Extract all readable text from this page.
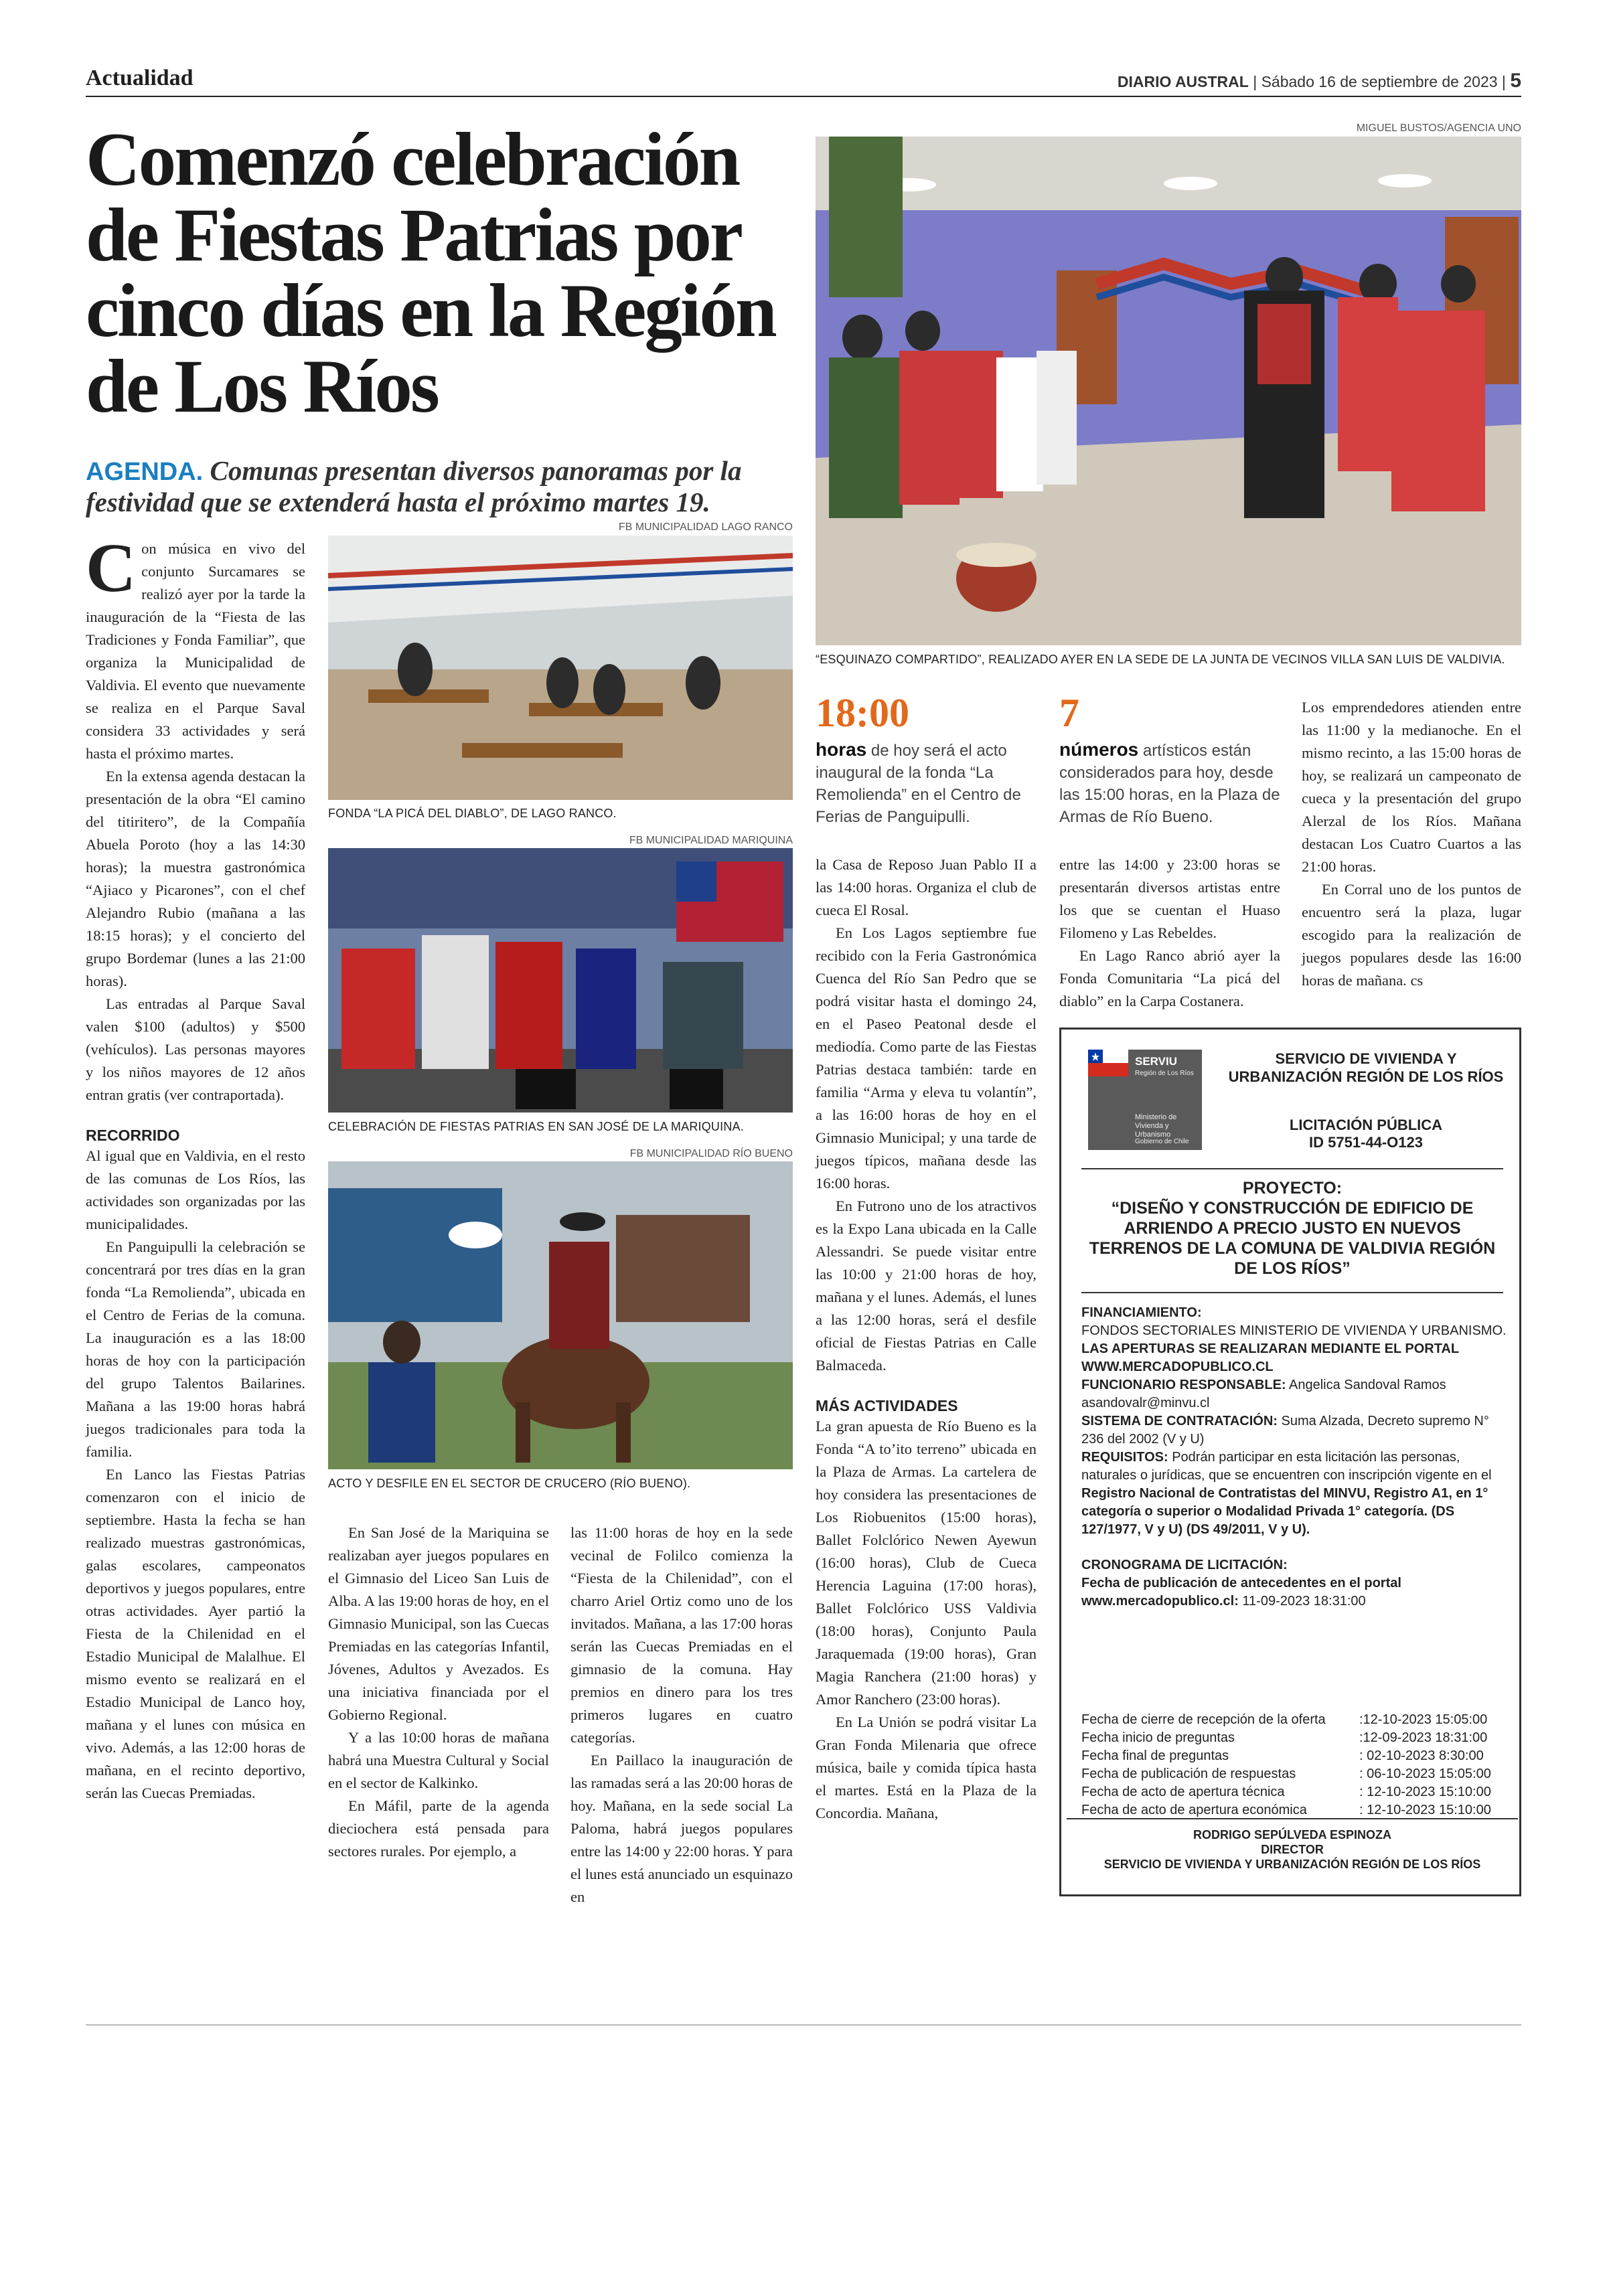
Actualidad	DIARIO AUSTRAL | Sábado 16 de septiembre de 2023 | 5
Comenzó celebración de Fiestas Patrias por cinco días en la Región de Los Ríos
AGENDA. Comunas presentan diversos panoramas por la festividad que se extenderá hasta el próximo martes 19.
MIGUEL BUSTOS/AGENCIA UNO
“ESQUINAZO COMPARTIDO”, REALIZADO AYER EN LA SEDE DE LA JUNTA DE VECINOS VILLA SAN LUIS DE VALDIVIA.

Con música en vivo del conjunto Surcamares se realizó ayer por la tarde la inauguración de la “Fiesta de las Tradiciones y Fonda Familiar”, que organiza la Municipalidad de Valdivia. El evento que nuevamente se realiza en el Parque Saval considera 33 actividades y será hasta el próximo martes.

En la extensa agenda destacan la presentación de la obra “El camino del titiritero”, de la Compañía Abuela Poroto (hoy a las 14:30 horas); la muestra gastronómica “Ajiaco y Picarones”, con el chef Alejandro Rubio (mañana a las 18:15 horas); y el concierto del grupo Bordemar (lunes a las 21:00 horas).

Las entradas al Parque Saval valen $100 (adultos) y $500 (vehículos). Las personas mayores y los niños mayores de 12 años entran gratis (ver contraportada).

RECORRIDO

Al igual que en Valdivia, en el resto de las comunas de Los Ríos, las actividades son organizadas por las municipalidades.

En Panguipulli la celebración se concentrará por tres días en la gran fonda “La Remolienda”, ubicada en el Centro de Ferias de la comuna. La inauguración es a las 18:00 horas de hoy con la participación del grupo Talentos Bailarines. Mañana a las 19:00 horas habrá juegos tradicionales para toda la familia.

En Lanco las Fiestas Patrias comenzaron con el inicio de septiembre. Hasta la fecha se han realizado muestras gastronómicas, galas escolares, campeonatos deportivos y juegos populares, entre otras actividades. Ayer partió la Fiesta de la Chilenidad en el Estadio Municipal de Malalhue. El mismo evento se realizará en el Estadio Municipal de Lanco hoy, mañana y el lunes con música en vivo. Además, a las 12:00 horas de mañana, en el recinto deportivo, serán las Cuecas Premiadas.

FB MUNICIPALIDAD LAGO RANCO
FONDA “LA PICÁ DEL DIABLO”, DE LAGO RANCO.
FB MUNICIPALIDAD MARIQUINA
CELEBRACIÓN DE FIESTAS PATRIAS EN SAN JOSÉ DE LA MARIQUINA.
FB MUNICIPALIDAD RÍO BUENO
ACTO Y DESFILE EN EL SECTOR DE CRUCERO (RÍO BUENO).

En San José de la Mariquina se realizaban ayer juegos populares en el Gimnasio del Liceo San Luis de Alba. A las 19:00 horas de hoy, en el Gimnasio Municipal, son las Cuecas Premiadas en las categorías Infantil, Jóvenes, Adultos y Avezados. Es una iniciativa financiada por el Gobierno Regional.

Y a las 10:00 horas de mañana habrá una Muestra Cultural y Social en el sector de Kalkinko.

En Máfil, parte de la agenda dieciochera está pensada para sectores rurales. Por ejemplo, a

las 11:00 horas de hoy en la sede vecinal de Folilco comienza la “Fiesta de la Chilenidad”, con el charro Ariel Ortiz como uno de los invitados. Mañana, a las 17:00 horas serán las Cuecas Premiadas en el gimnasio de la comuna. Hay premios en dinero para los tres primeros lugares en cuatro categorías.

En Paillaco la inauguración de las ramadas será a las 20:00 horas de hoy. Mañana, en la sede social La Paloma, habrá juegos populares entre las 14:00 y 22:00 horas. Y para el lunes está anunciado un esquinazo en

18:00
horas de hoy será el acto inaugural de la fonda “La Remolienda” en el Centro de Ferias de Panguipulli.
7
números artísticos están considerados para hoy, desde las 15:00 horas, en la Plaza de Armas de Río Bueno.

la Casa de Reposo Juan Pablo II a las 14:00 horas. Organiza el club de cueca El Rosal.

En Los Lagos septiembre fue recibido con la Feria Gastronómica Cuenca del Río San Pedro que se podrá visitar hasta el domingo 24, en el Paseo Peatonal desde el mediodía. Como parte de las Fiestas Patrias destaca también: tarde en familia “Arma y eleva tu volantín”, a las 16:00 horas de hoy en el Gimnasio Municipal; y una tarde de juegos típicos, mañana desde las 16:00 horas.

En Futrono uno de los atractivos es la Expo Lana ubicada en la Calle Alessandri. Se puede visitar entre las 10:00 y 21:00 horas de hoy, mañana y el lunes. Además, el lunes a las 12:00 horas, será el desfile oficial de Fiestas Patrias en Calle Balmaceda.

MÁS ACTIVIDADES

La gran apuesta de Río Bueno es la Fonda “A to’ito terreno” ubicada en la Plaza de Armas. La cartelera de hoy considera las presentaciones de Los Riobuenitos (15:00 horas), Ballet Folclórico Newen Ayewun (16:00 horas), Club de Cueca Herencia Laguina (17:00 horas), Ballet Folclórico USS Valdivia (18:00 horas), Conjunto Paula Jaraquemada (19:00 horas), Gran Magia Ranchera (21:00 horas) y Amor Ranchero (23:00 horas).

En La Unión se podrá visitar La Gran Fonda Milenaria que ofrece música, baile y comida típica hasta el martes. Está en la Plaza de la Concordia. Mañana,

entre las 14:00 y 23:00 horas se presentarán diversos artistas entre los que se cuentan el Huaso Filomeno y Las Rebeldes.

En Lago Ranco abrió ayer la Fonda Comunitaria “La picá del diablo” en la Carpa Costanera.

Los emprendedores atienden entre las 11:00 y la medianoche. En el mismo recinto, a las 15:00 horas de hoy, se realizará un campeonato de cueca y la presentación del grupo Alerzal de los Ríos. Mañana destacan Los Cuatro Cuartos a las 21:00 horas.

En Corral uno de los puntos de encuentro será la plaza, lugar escogido para la realización de juegos populares desde las 16:00 horas de mañana. cs

SERVIU
Región de Los Ríos
Ministerio de Vivienda y Urbanismo
Gobierno de Chile
SERVICIO DE VIVIENDA Y URBANIZACIÓN REGIÓN DE LOS RÍOS
LICITACIÓN PÚBLICA
ID 5751-44-O123
PROYECTO:
“DISEÑO Y CONSTRUCCIÓN DE EDIFICIO DE ARRIENDO A PRECIO JUSTO EN NUEVOS TERRENOS DE LA COMUNA DE VALDIVIA REGIÓN DE LOS RÍOS”
FINANCIAMIENTO:
FONDOS SECTORIALES MINISTERIO DE VIVIENDA Y URBANISMO.
LAS APERTURAS SE REALIZARAN MEDIANTE EL PORTAL WWW.MERCADOPUBLICO.CL
FUNCIONARIO RESPONSABLE: Angelica Sandoval Ramos
asandovalr@minvu.cl
SISTEMA DE CONTRATACIÓN: Suma Alzada, Decreto supremo N° 236 del 2002 (V y U)
REQUISITOS: Podrán participar en esta licitación las personas, naturales o jurídicas, que se encuentren con inscripción vigente en el Registro Nacional de Contratistas del MINVU, Registro A1, en 1° categoría o superior o Modalidad Privada 1° categoría. (DS 127/1977, V y U) (DS 49/2011, V y U).
CRONOGRAMA DE LICITACIÓN:
Fecha de publicación de antecedentes en el portal www.mercadopublico.cl: 11-09-2023 18:31:00
Fecha de cierre de recepción de la oferta	:12-10-2023 15:05:00
Fecha inicio de preguntas	:12-09-2023 18:31:00
Fecha final de preguntas	: 02-10-2023 8:30:00
Fecha de publicación de respuestas	: 06-10-2023 15:05:00
Fecha de acto de apertura técnica	: 12-10-2023 15:10:00
Fecha de acto de apertura económica	: 12-10-2023 15:10:00
RODRIGO SEPÚLVEDA ESPINOZA
DIRECTOR
SERVICIO DE VIVIENDA Y URBANIZACIÓN REGIÓN DE LOS RÍOS
